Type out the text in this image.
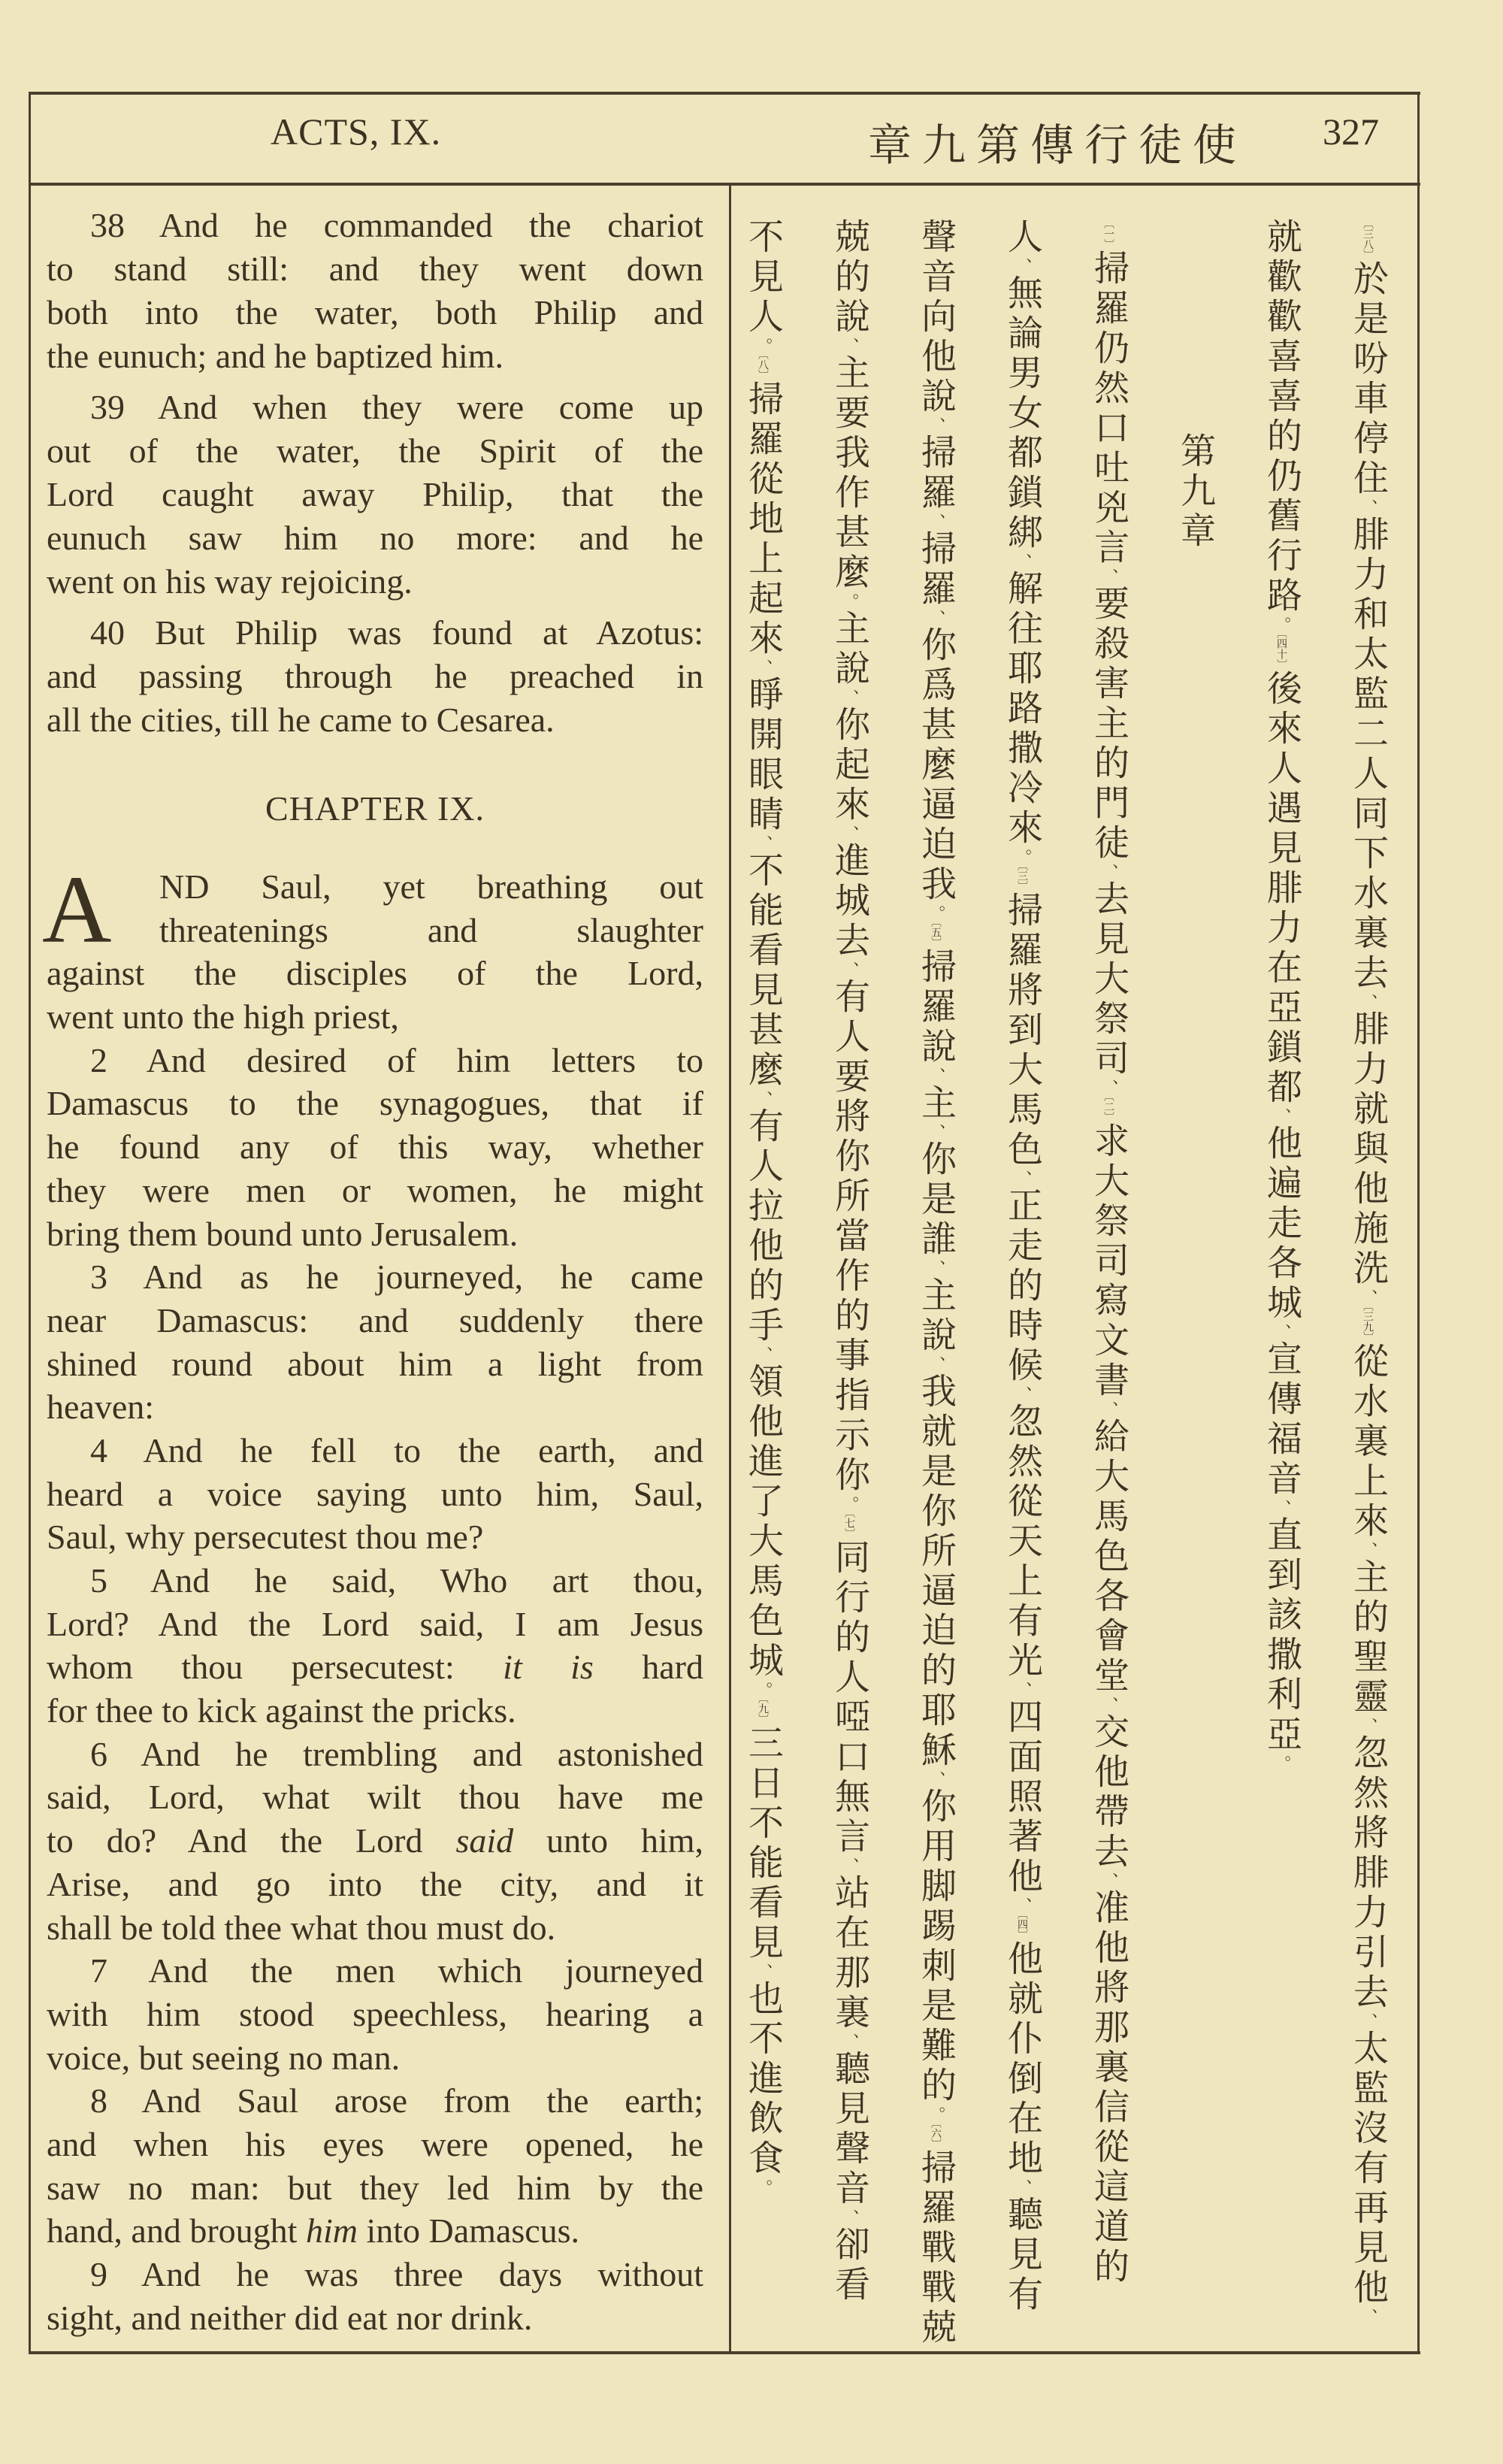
ACTS, IX.	章九第傳行徒使 327
38 And he commanded the chariot
to stand still: and they went down
both into the water, both Philip and
the eunuch; and he baptized him.
39 And when they were come up
out of the water, the Spirit of the
Lord caught away Philip, that the
eunuch saw him no more: and he
went on his way rejoicing.
40 But Philip was found at Azotus:
and passing through he preached in
all the cities, till he came to Cesarea.
CHAPTER IX.
A	ND Saul, yet breathing out
threatenings and slaughter
against the disciples of the Lord,
went unto the high priest,
2 And desired of him letters to
Damascus to the synagogues, that if
he found any of this way, whether
they were men or women, he might
bring them bound unto Jerusalem.
3 And as he journeyed, he came
near Damascus: and suddenly there
shined round about him a light from
heaven:
4 And he fell to the earth, and
heard a voice saying unto him, Saul,
Saul, why persecutest thou me?
5 And he said, Who art thou,
Lord? And the Lord said, I am Jesus
whom thou persecutest: it is hard
for thee to kick against the pricks.
6 And he trembling and astonished
said, Lord, what wilt thou have me
to do? And the Lord said unto him,
Arise, and go into the city, and it
shall be told thee what thou must do.
7 And the men which journeyed
with him stood speechless, hearing a
voice, but seeing no man.
8 And Saul arose from the earth;
and when his eyes were opened, he
saw no man: but they led him by the
hand, and brought him into Damascus.
9 And he was three days without
sight, and neither did eat nor drink.
〔三八〕於是吩車停住、腓力和太監二人同下水裏去、腓力就與他施洗、〔三九〕從水裏上來、主的聖靈、忽然將腓力引去、太監沒有再見他、
就歡歡喜喜的仍舊行路。〔四十〕後來人遇見腓力在亞鎖都、他遍走各城、宣傳福音、直到該撒利亞。
第九章
〔一〕掃羅仍然口吐兇言、要殺害主的門徒、去見大祭司、〔二〕求大祭司寫文書、給大馬色各會堂、交他帶去、准他將那裏信從這道的
人、無論男女都鎖綁、解往耶路撒冷來。〔三〕掃羅將到大馬色、正走的時候、忽然從天上有光、四面照著他、〔四〕他就仆倒在地、聽見有
聲音向他說、掃羅、掃羅、你爲甚麼逼迫我。〔五〕掃羅說、主、你是誰、主說、我就是你所逼迫的耶穌、你用脚踢刺是難的。〔六〕掃羅戰戰兢
兢的說、主要我作甚麼。主說、你起來、進城去、有人要將你所當作的事指示你。〔七〕同行的人啞口無言、站在那裏、聽見聲音、卻看
不見人。〔八〕掃羅從地上起來、睜開眼睛、不能看見甚麼、有人拉他的手、領他進了大馬色城。〔九〕三日不能看見、也不進飲食。
